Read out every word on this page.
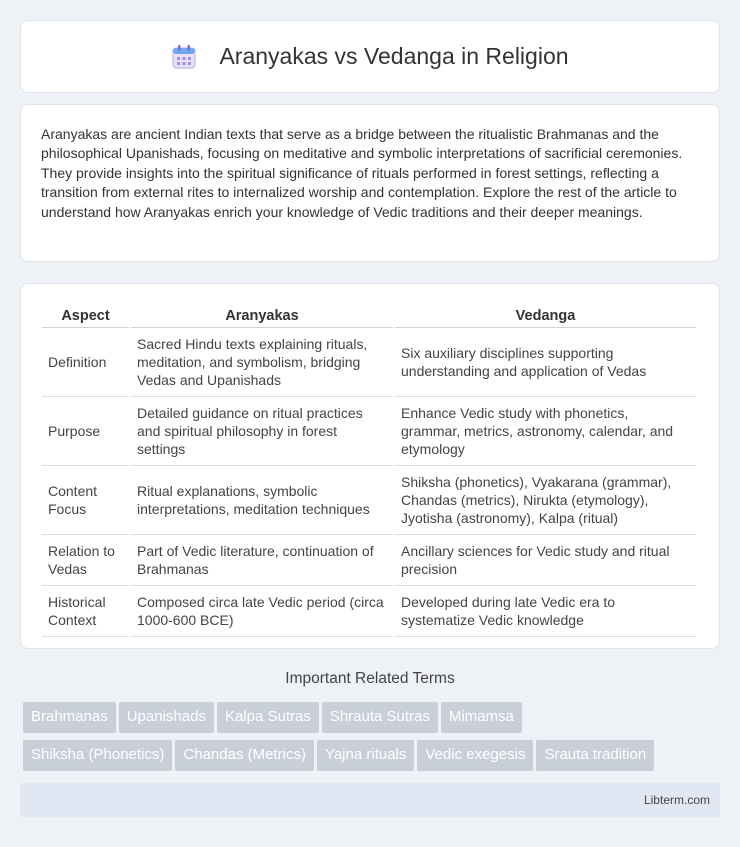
Aranyakas vs Vedanga in Religion

Aranyakas are ancient Indian texts that serve as a bridge between the ritualistic Brahmanas and the philosophical Upanishads, focusing on meditative and symbolic interpretations of sacrificial ceremonies. They provide insights into the spiritual significance of rituals performed in forest settings, reflecting a transition from external rites to internalized worship and contemplation. Explore the rest of the article to understand how Aranyakas enrich your knowledge of Vedic traditions and their deeper meanings.

Aspect	Aranyakas	Vedanga
Definition	Sacred Hindu texts explaining rituals, meditation, and symbolism, bridging Vedas and Upanishads	Six auxiliary disciplines supporting understanding and application of Vedas
Purpose	Detailed guidance on ritual practices and spiritual philosophy in forest settings	Enhance Vedic study with phonetics, grammar, metrics, astronomy, calendar, and etymology
Content Focus	Ritual explanations, symbolic interpretations, meditation techniques	Shiksha (phonetics), Vyakarana (grammar), Chandas (metrics), Nirukta (etymology), Jyotisha (astronomy), Kalpa (ritual)
Relation to Vedas	Part of Vedic literature, continuation of Brahmanas	Ancillary sciences for Vedic study and ritual precision
Historical Context	Composed circa late Vedic period (circa 1000-600 BCE)	Developed during late Vedic era to systematize Vedic knowledge
Important Related Terms
Brahmanas Upanishads Kalpa Sutras Shrauta Sutras Mimamsa
Shiksha (Phonetics) Chandas (Metrics) Yajna rituals Vedic exegesis Srauta tradition
Libterm.com
